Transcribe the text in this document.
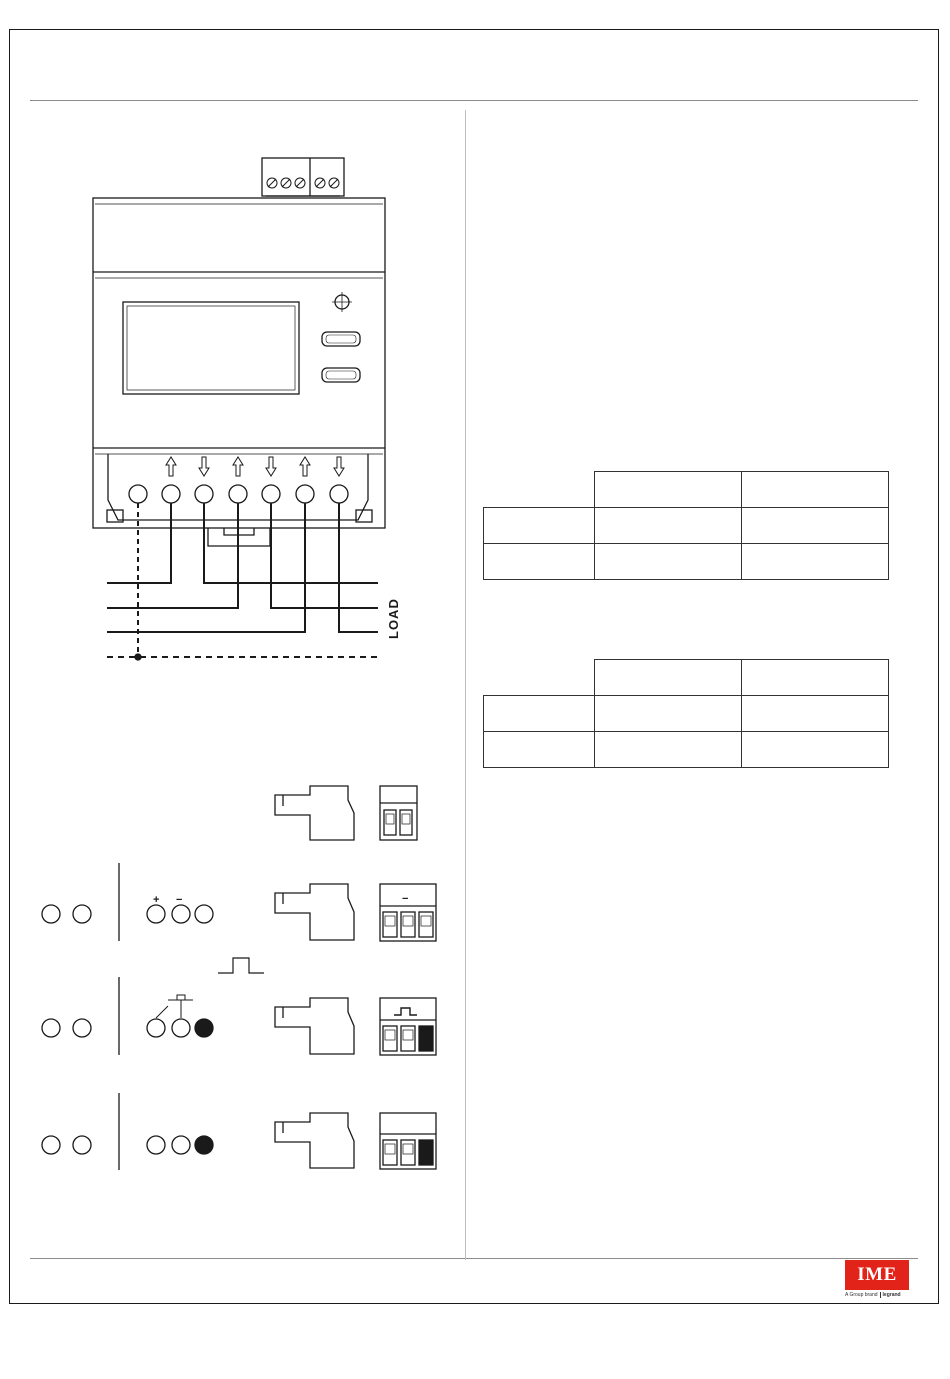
+ −	−
LOAD

IME
A Group brand legrand
